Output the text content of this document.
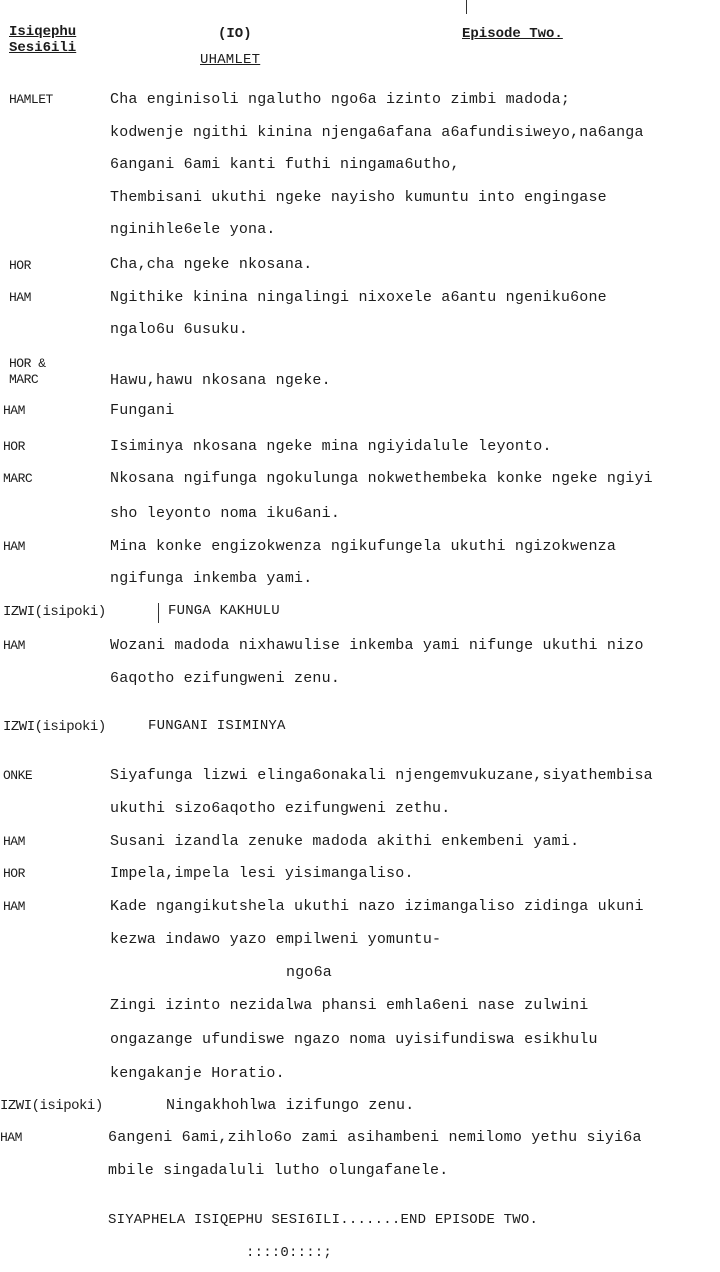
Isiqephu
Sesi6ili
(IO)	Episode Two.
UHAMLET
HAMLET	Cha enginisoli ngalutho ngo6a izinto zimbi madoda;
kodwenje ngithi kinina njenga6afana a6afundisiweyo,na6anga
6angani 6ami kanti futhi ningama6utho,
Thembisani ukuthi ngeke nayisho kumuntu into engingase
nginihle6ele yona.
HOR	Cha,cha ngeke nkosana.
HAM	Ngithike kinina ningalingi nixoxele a6antu ngeniku6one
ngalo6u 6usuku.
HOR &
MARC	Hawu,hawu nkosana ngeke.
HAM	Fungani
HOR	Isiminya nkosana ngeke mina ngiyidalule leyonto.
MARC	Nkosana ngifunga ngokulunga nokwethembeka konke ngeke ngiyi
sho leyonto noma iku6ani.
HAM	Mina konke engizokwenza ngikufungela ukuthi ngizokwenza
ngifunga inkemba yami.
IZWI(isipoki)	FUNGA KAKHULU
HAM	Wozani madoda nixhawulise inkemba yami nifunge ukuthi nizo
6aqotho ezifungweni zenu.
IZWI(isipoki)	FUNGANI ISIMINYA
ONKE	Siyafunga lizwi elinga6onakali njengemvukuzane,siyathembisa
ukuthi sizo6aqotho ezifungweni zethu.
HAM	Susani izandla zenuke madoda akithi enkembeni yami.
HOR	Impela,impela lesi yisimangaliso.
HAM	Kade ngangikutshela ukuthi nazo izimangaliso zidinga ukuni
kezwa indawo yazo empilweni yomuntu-
ngo6a
Zingi izinto nezidalwa phansi emhla6eni nase zulwini
ongazange ufundiswe ngazo noma uyisifundiswa esikhulu
kengakanje Horatio.
IZWI(isipoki)	Ningakhohlwa izifungo zenu.
HAM	6angeni 6ami,zihlo6o zami asihambeni nemilomo yethu siyi6a
mbile singadaluli lutho olungafanele.
SIYAPHELA ISIQEPHU SESI6ILI.......END EPISODE TWO.
::::0::::;
